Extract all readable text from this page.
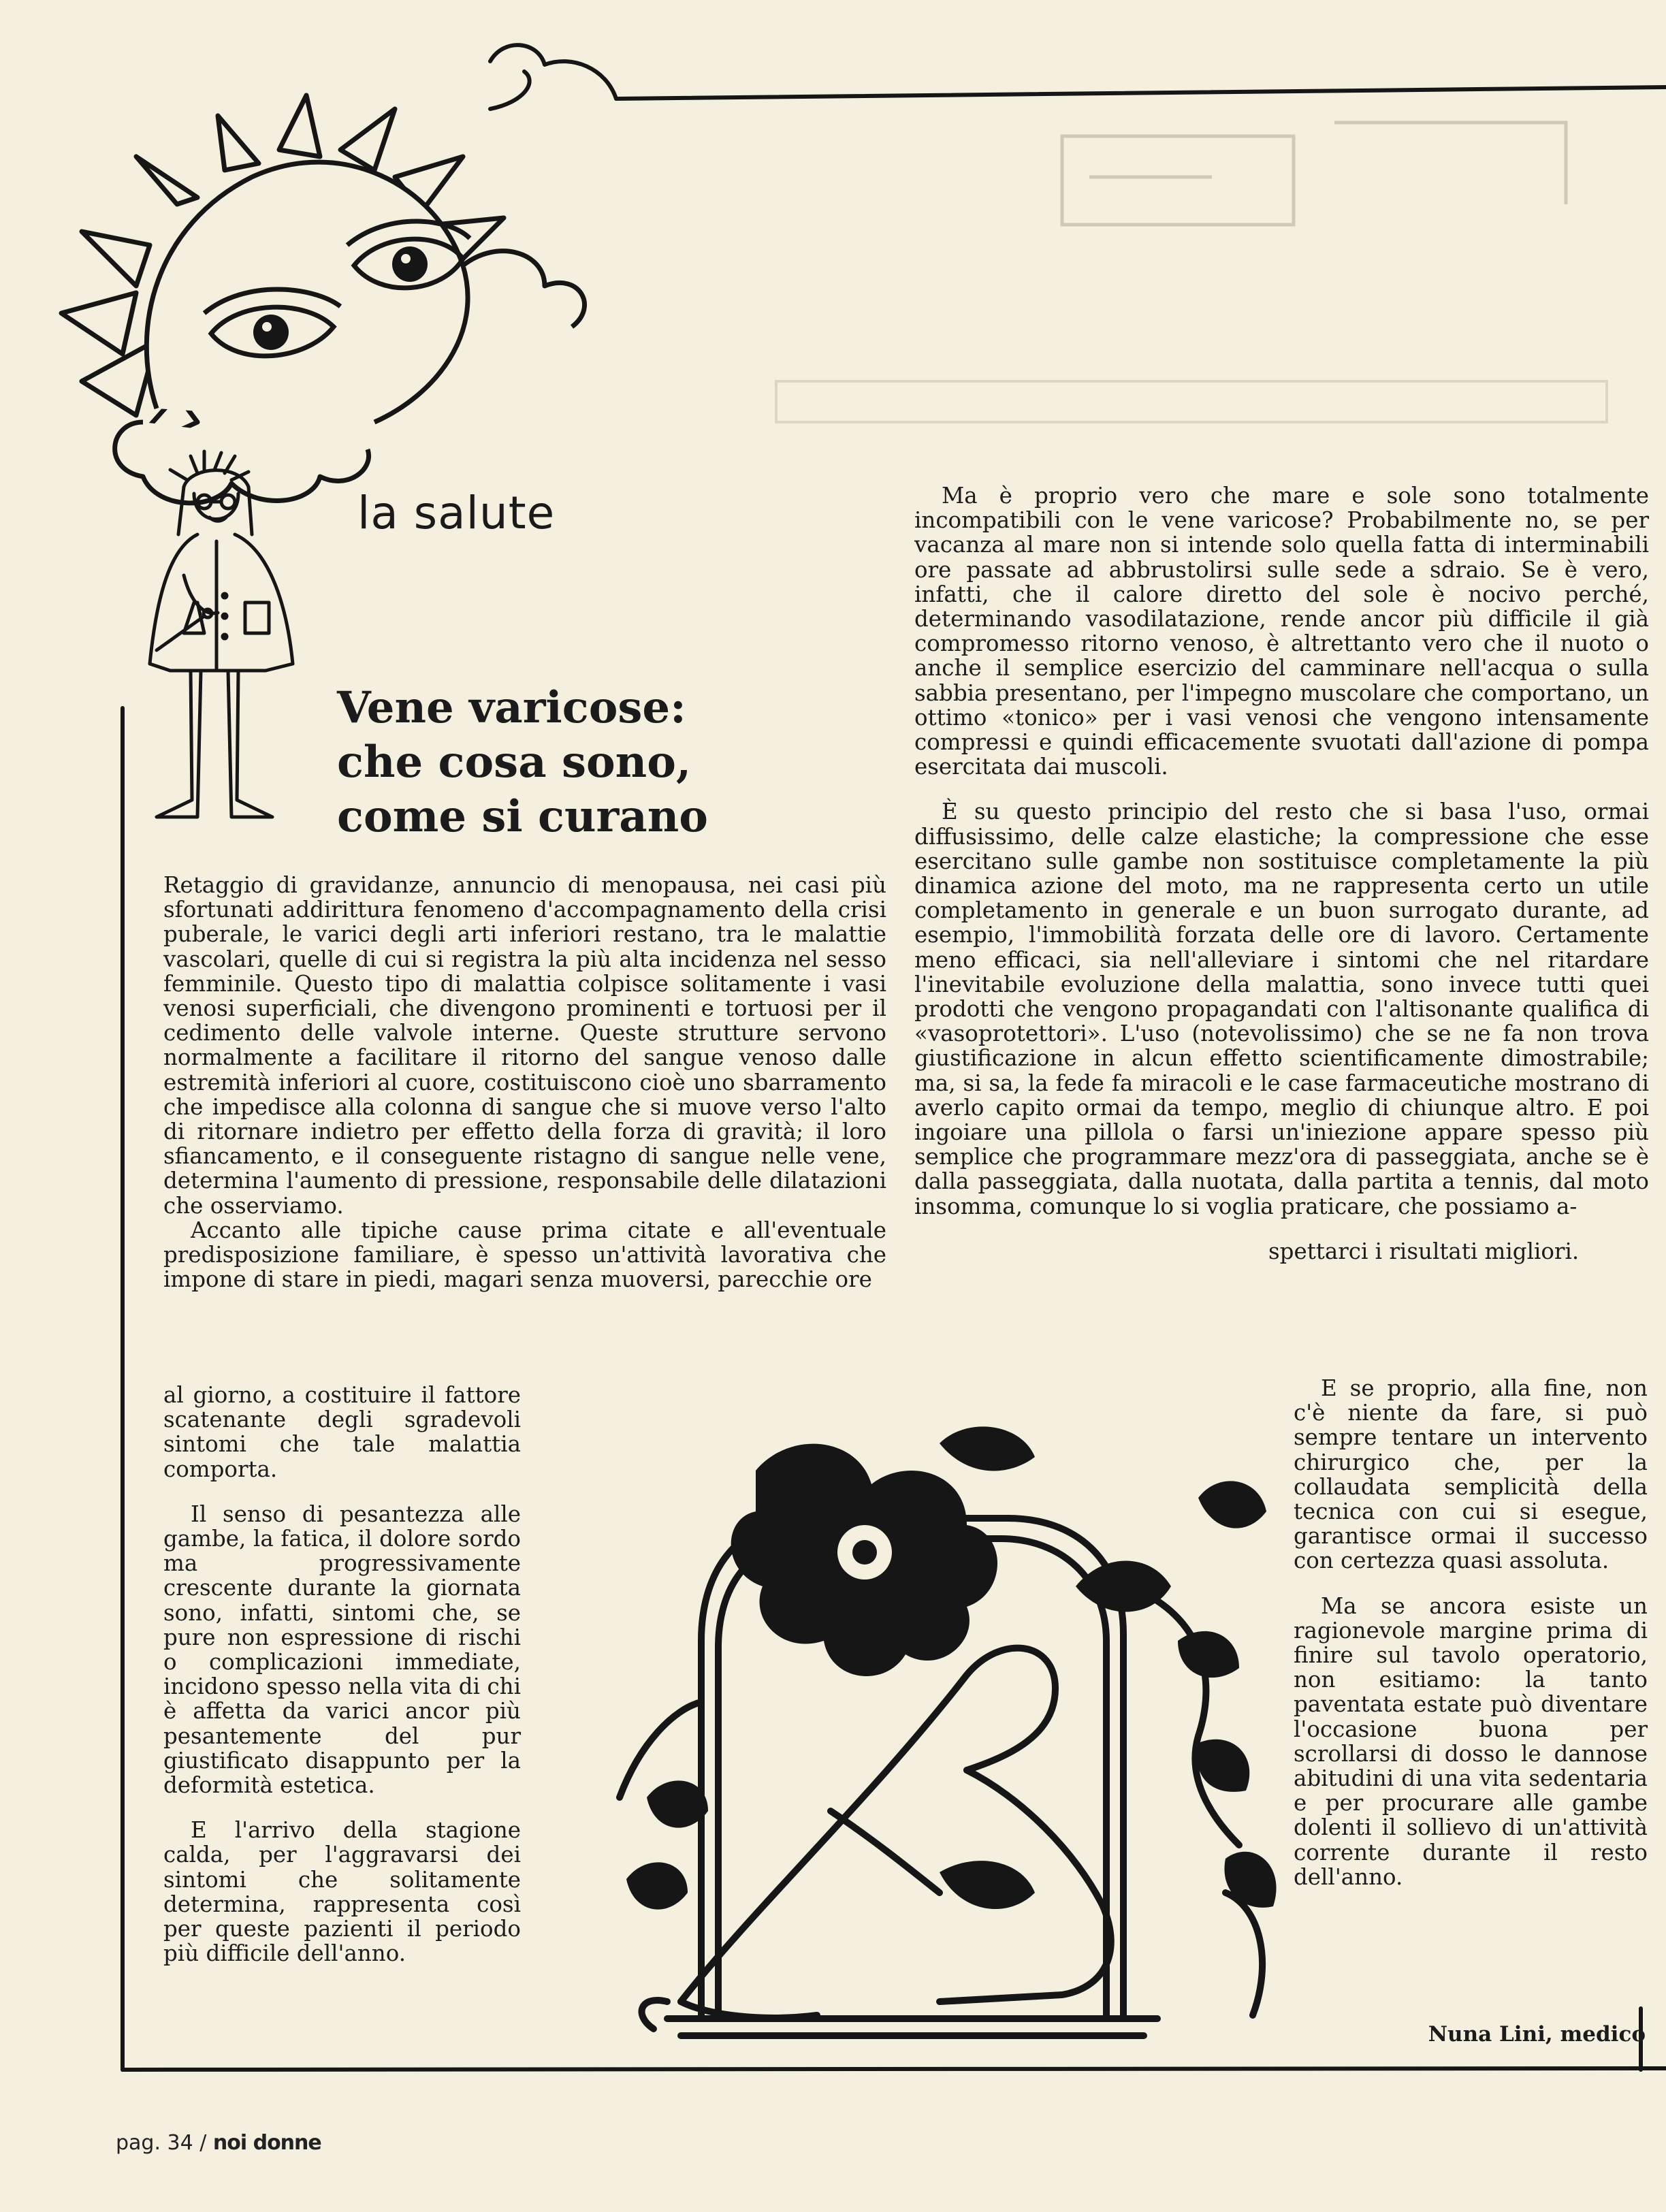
la salute
Vene varicose:
che cosa sono,
come si curano

Retaggio di gravidanze, annuncio di menopausa, nei casi più sfortunati addirittura fenomeno d'accompagnamento della crisi puberale, le varici degli arti inferiori restano, tra le malattie vascolari, quelle di cui si registra la più alta incidenza nel sesso femminile. Questo tipo di malattia colpisce solitamente i vasi venosi superficiali, che divengono prominenti e tortuosi per il cedimento delle valvole interne. Queste strutture servono normalmente a facilitare il ritorno del sangue venoso dalle estremità inferiori al cuore, costituiscono cioè uno sbarramento che impedisce alla colonna di sangue che si muove verso l'alto di ritornare indietro per effetto della forza di gravità; il loro sfiancamento, e il conseguente ristagno di sangue nelle vene, determina l'aumento di pressione, responsabile delle dilatazioni che osserviamo.

Accanto alle tipiche cause prima citate e all'eventuale predisposizione familiare, è spesso un'attività lavorativa che impone di stare in piedi, magari senza muoversi, parecchie ore

al giorno, a costituire il fattore scatenante degli sgradevoli sintomi che tale malattia comporta.

Il senso di pesantezza alle gambe, la fatica, il dolore sordo ma progressivamente crescente durante la giornata sono, infatti, sintomi che, se pure non espressione di rischi o complicazioni immediate, incidono spesso nella vita di chi è affetta da varici ancor più pesantemente del pur giustificato disappunto per la deformità estetica.

E l'arrivo della stagione calda, per l'aggravarsi dei sintomi che solitamente determina, rappresenta così per queste pazienti il periodo più difficile dell'anno.

Ma è proprio vero che mare e sole sono totalmente incompatibili con le vene varicose? Probabilmente no, se per vacanza al mare non si intende solo quella fatta di interminabili ore passate ad abbrustolirsi sulle sede a sdraio. Se è vero, infatti, che il calore diretto del sole è nocivo perché, determinando vasodilatazione, rende ancor più difficile il già compromesso ritorno venoso, è altrettanto vero che il nuoto o anche il semplice esercizio del camminare nell'acqua o sulla sabbia presentano, per l'impegno muscolare che comportano, un ottimo «tonico» per i vasi venosi che vengono intensamente compressi e quindi efficacemente svuotati dall'azione di pompa esercitata dai muscoli.

È su questo principio del resto che si basa l'uso, ormai diffusissimo, delle calze elastiche; la compressione che esse esercitano sulle gambe non sostituisce completamente la più dinamica azione del moto, ma ne rappresenta certo un utile completamento in generale e un buon surrogato durante, ad esempio, l'immobilità forzata delle ore di lavoro. Certamente meno efficaci, sia nell'alleviare i sintomi che nel ritardare l'inevitabile evoluzione della malattia, sono invece tutti quei prodotti che vengono propagandati con l'altisonante qualifica di «vasoprotettori». L'uso (notevolissimo) che se ne fa non trova giustificazione in alcun effetto scientificamente dimostrabile; ma, si sa, la fede fa miracoli e le case farmaceutiche mostrano di averlo capito ormai da tempo, meglio di chiunque altro. E poi ingoiare una pillola o farsi un'iniezione appare spesso più semplice che programmare mezz'ora di passeggiata, anche se è dalla passeggiata, dalla nuotata, dalla partita a tennis, dal moto insomma, comunque lo si voglia praticare, che possiamo a-

spettarci i risultati migliori.

E se proprio, alla fine, non c'è niente da fare, si può sempre tentare un intervento chirurgico che, per la collaudata semplicità della tecnica con cui si esegue, garantisce ormai il successo con certezza quasi assoluta.

Ma se ancora esiste un ragionevole margine prima di finire sul tavolo operatorio, non esitiamo: la tanto paventata estate può diventare l'occasione buona per scrollarsi di dosso le dannose abitudini di una vita sedentaria e per procurare alle gambe dolenti il sollievo di un'attività corrente durante il resto dell'anno.

Nuna Lini, medico
pag. 34 / noi donne
